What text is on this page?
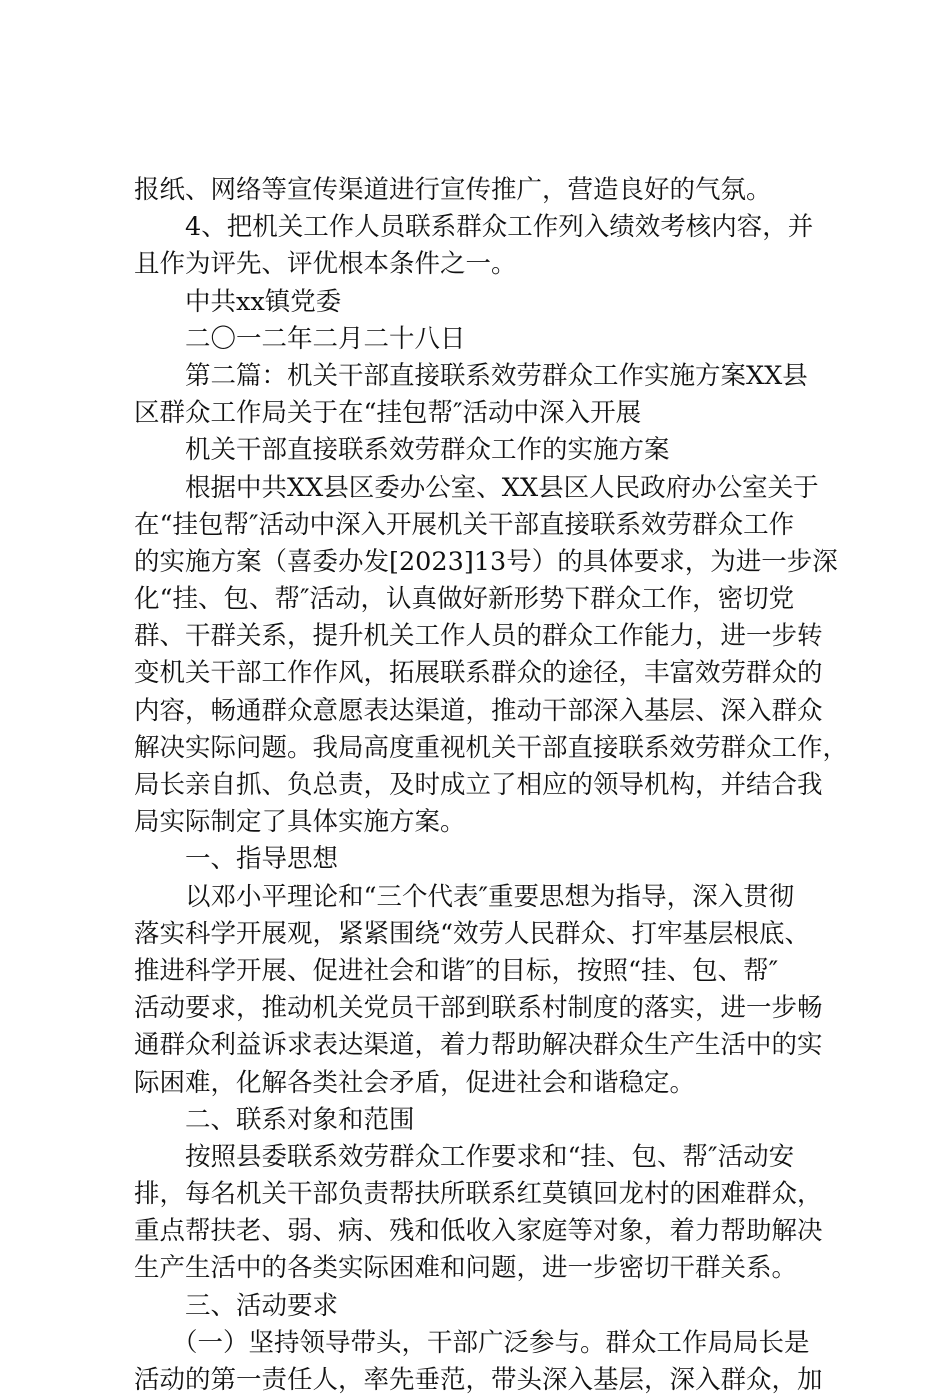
报纸、网络等宣传渠道进行宣传推广，营造良好的气氛。
4、把机关工作人员联系群众工作列入绩效考核内容，并
且作为评先、评优根本条件之一。
中共xx镇党委
二〇一二年二月二十八日
第二篇：机关干部直接联系效劳群众工作实施方案XX县
区群众工作局关于在“挂包帮″活动中深入开展
机关干部直接联系效劳群众工作的实施方案
根据中共XX县区委办公室、XX县区人民政府办公室关于
在“挂包帮″活动中深入开展机关干部直接联系效劳群众工作
的实施方案（喜委办发[2023]13号）的具体要求，为进一步深
化“挂、包、帮″活动，认真做好新形势下群众工作，密切党
群、干群关系，提升机关工作人员的群众工作能力，进一步转
变机关干部工作作风，拓展联系群众的途径，丰富效劳群众的
内容，畅通群众意愿表达渠道，推动干部深入基层、深入群众
解决实际问题。我局高度重视机关干部直接联系效劳群众工作，
局长亲自抓、负总责，及时成立了相应的领导机构，并结合我
局实际制定了具体实施方案。
一、指导思想
以邓小平理论和“三个代表″重要思想为指导，深入贯彻
落实科学开展观，紧紧围绕“效劳人民群众、打牢基层根底、
推进科学开展、促进社会和谐″的目标，按照“挂、包、帮″
活动要求，推动机关党员干部到联系村制度的落实，进一步畅
通群众利益诉求表达渠道，着力帮助解决群众生产生活中的实
际困难，化解各类社会矛盾，促进社会和谐稳定。
二、联系对象和范围
按照县委联系效劳群众工作要求和“挂、包、帮″活动安
排，每名机关干部负责帮扶所联系红莫镇回龙村的困难群众，
重点帮扶老、弱、病、残和低收入家庭等对象，着力帮助解决
生产生活中的各类实际困难和问题，进一步密切干群关系。
三、活动要求
（一）坚持领导带头，干部广泛参与。群众工作局局长是
活动的第一责任人，率先垂范，带头深入基层，深入群众，加
